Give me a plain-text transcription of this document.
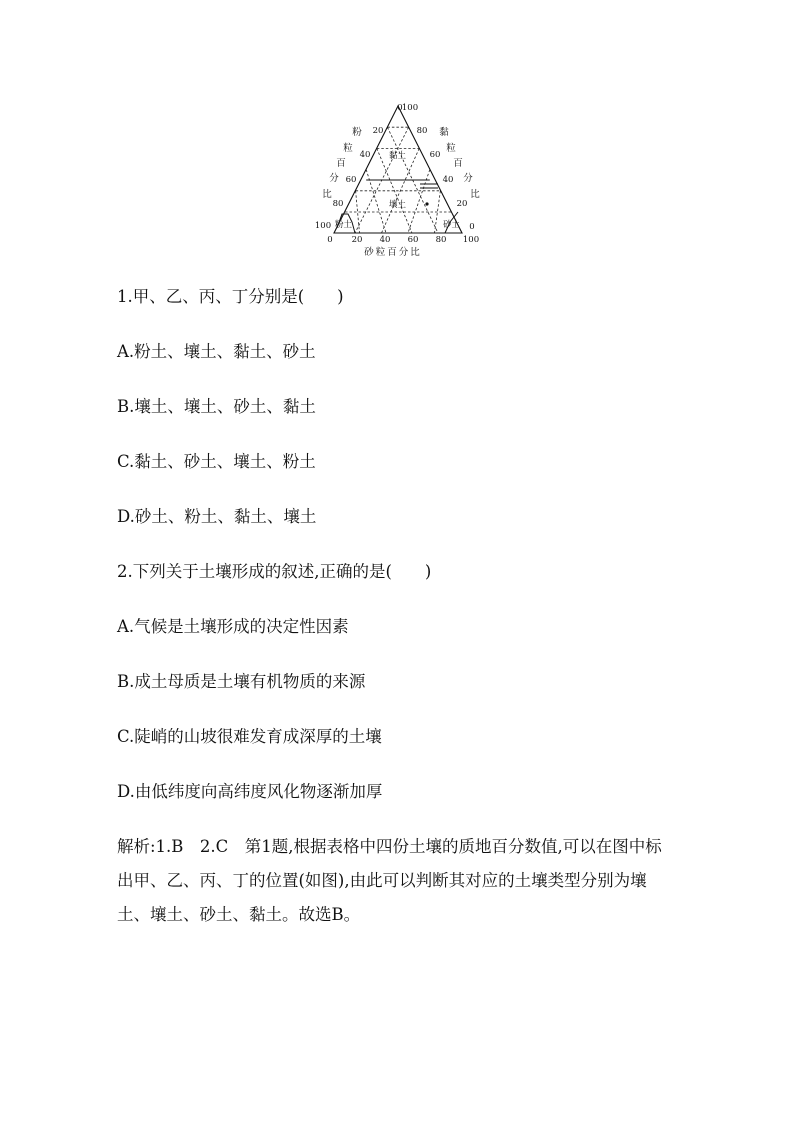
黏土
壤土
粉土	砂土
0
20
40
60
80
100
100
80
60
40
20
0
0 20 40 60 80 100
粉
粒
百
分
比
黏
粒
百
分
比
砂粒百分比
1.甲、乙、丙、丁分别是(　　)
A.粉土、壤土、黏土、砂土
B.壤土、壤土、砂土、黏土
C.黏土、砂土、壤土、粉土
D.砂土、粉土、黏土、壤土
2.下列关于土壤形成的叙述,正确的是(　　)
A.气候是土壤形成的决定性因素
B.成土母质是土壤有机物质的来源
C.陡峭的山坡很难发育成深厚的土壤
D.由低纬度向高纬度风化物逐渐加厚
解析:1.B　2.C　第1题,根据表格中四份土壤的质地百分数值,可以在图中标出甲、乙、丙、丁的位置(如图),由此可以判断其对应的土壤类型分别为壤土、壤土、砂土、黏土。故选B。
